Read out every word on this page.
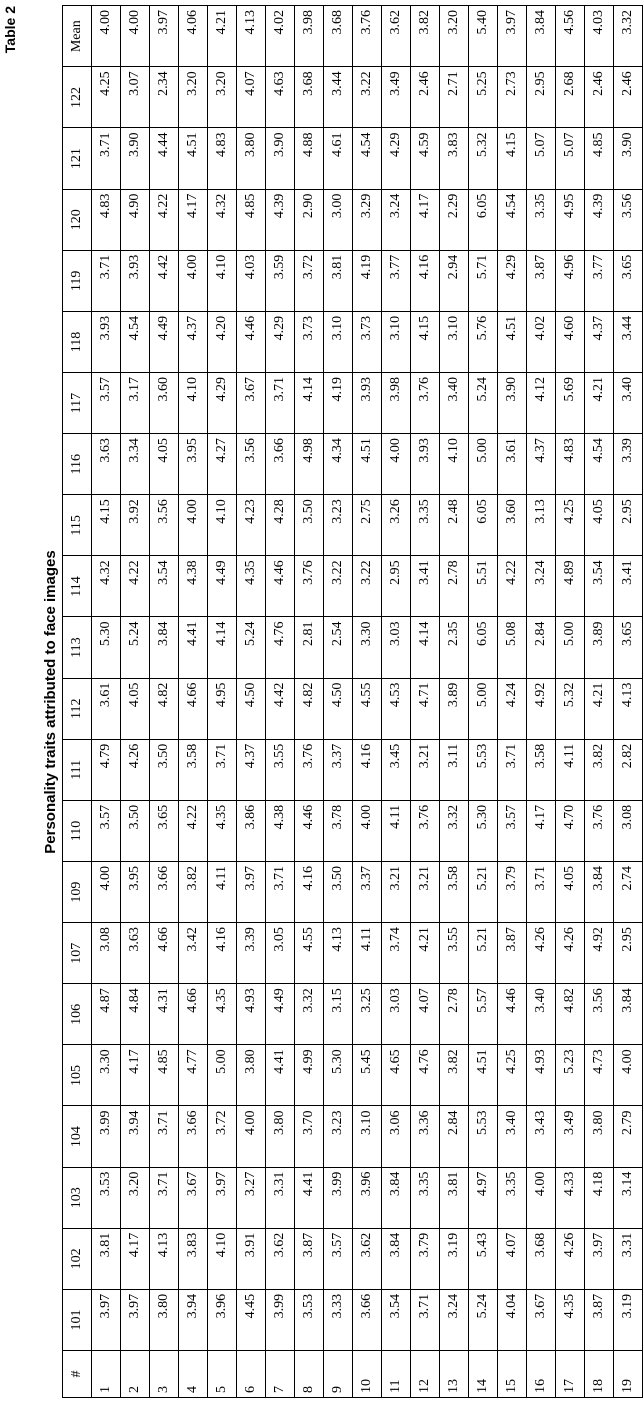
Table 2
Personality traits attributed to face images
#	101	102	103	104	105	106	107	109	110	111	112	113	114	115	116	117	118	119	120	121	122	Mean
1	3.97	3.81	3.53	3.99	3.30	4.87	3.08	4.00	3.57	4.79	3.61	5.30	4.32	4.15	3.63	3.57	3.93	3.71	4.83	3.71	4.25	4.00
2	3.97	4.17	3.20	3.94	4.17	4.84	3.63	3.95	3.50	4.26	4.05	5.24	4.22	3.92	3.34	3.17	4.54	3.93	4.90	3.90	3.07	4.00
3	3.80	4.13	3.71	3.71	4.85	4.31	4.66	3.66	3.65	3.50	4.82	3.84	3.54	3.56	4.05	3.60	4.49	4.42	4.22	4.44	2.34	3.97
4	3.94	3.83	3.67	3.66	4.77	4.66	3.42	3.82	4.22	3.58	4.66	4.41	4.38	4.00	3.95	4.10	4.37	4.00	4.17	4.51	3.20	4.06
5	3.96	4.10	3.97	3.72	5.00	4.35	4.16	4.11	4.35	3.71	4.95	4.14	4.49	4.10	4.27	4.29	4.20	4.10	4.32	4.83	3.20	4.21
6	4.45	3.91	3.27	4.00	3.80	4.93	3.39	3.97	3.86	4.37	4.50	5.24	4.35	4.23	3.56	3.67	4.46	4.03	4.85	3.80	4.07	4.13
7	3.99	3.62	3.31	3.80	4.41	4.49	3.05	3.71	4.38	3.55	4.42	4.76	4.46	4.28	3.66	3.71	4.29	3.59	4.39	3.90	4.63	4.02
8	3.53	3.87	4.41	3.70	4.99	3.32	4.55	4.16	4.46	3.76	4.82	2.81	3.76	3.50	4.98	4.14	3.73	3.72	2.90	4.88	3.68	3.98
9	3.33	3.57	3.99	3.23	5.30	3.15	4.13	3.50	3.78	3.37	4.50	2.54	3.22	3.23	4.34	4.19	3.10	3.81	3.00	4.61	3.44	3.68
10	3.66	3.62	3.96	3.10	5.45	3.25	4.11	3.37	4.00	4.16	4.55	3.30	3.22	2.75	4.51	3.93	3.73	4.19	3.29	4.54	3.22	3.76
11	3.54	3.84	3.84	3.06	4.65	3.03	3.74	3.21	4.11	3.45	4.53	3.03	2.95	3.26	4.00	3.98	3.10	3.77	3.24	4.29	3.49	3.62
12	3.71	3.79	3.35	3.36	4.76	4.07	4.21	3.21	3.76	3.21	4.71	4.14	3.41	3.35	3.93	3.76	4.15	4.16	4.17	4.59	2.46	3.82
13	3.24	3.19	3.81	2.84	3.82	2.78	3.55	3.58	3.32	3.11	3.89	2.35	2.78	2.48	4.10	3.40	3.10	2.94	2.29	3.83	2.71	3.20
14	5.24	5.43	4.97	5.53	4.51	5.57	5.21	5.21	5.30	5.53	5.00	6.05	5.51	6.05	5.00	5.24	5.76	5.71	6.05	5.32	5.25	5.40
15	4.04	4.07	3.35	3.40	4.25	4.46	3.87	3.79	3.57	3.71	4.24	5.08	4.22	3.60	3.61	3.90	4.51	4.29	4.54	4.15	2.73	3.97
16	3.67	3.68	4.00	3.43	4.93	3.40	4.26	3.71	4.17	3.58	4.92	2.84	3.24	3.13	4.37	4.12	4.02	3.87	3.35	5.07	2.95	3.84
17	4.35	4.26	4.33	3.49	5.23	4.82	4.26	4.05	4.70	4.11	5.32	5.00	4.89	4.25	4.83	5.69	4.60	4.96	4.95	5.07	2.68	4.56
18	3.87	3.97	4.18	3.80	4.73	3.56	4.92	3.84	3.76	3.82	4.21	3.89	3.54	4.05	4.54	4.21	4.37	3.77	4.39	4.85	2.46	4.03
19	3.19	3.31	3.14	2.79	4.00	3.84	2.95	2.74	3.08	2.82	4.13	3.65	3.41	2.95	3.39	3.40	3.44	3.65	3.56	3.90	2.46	3.32
